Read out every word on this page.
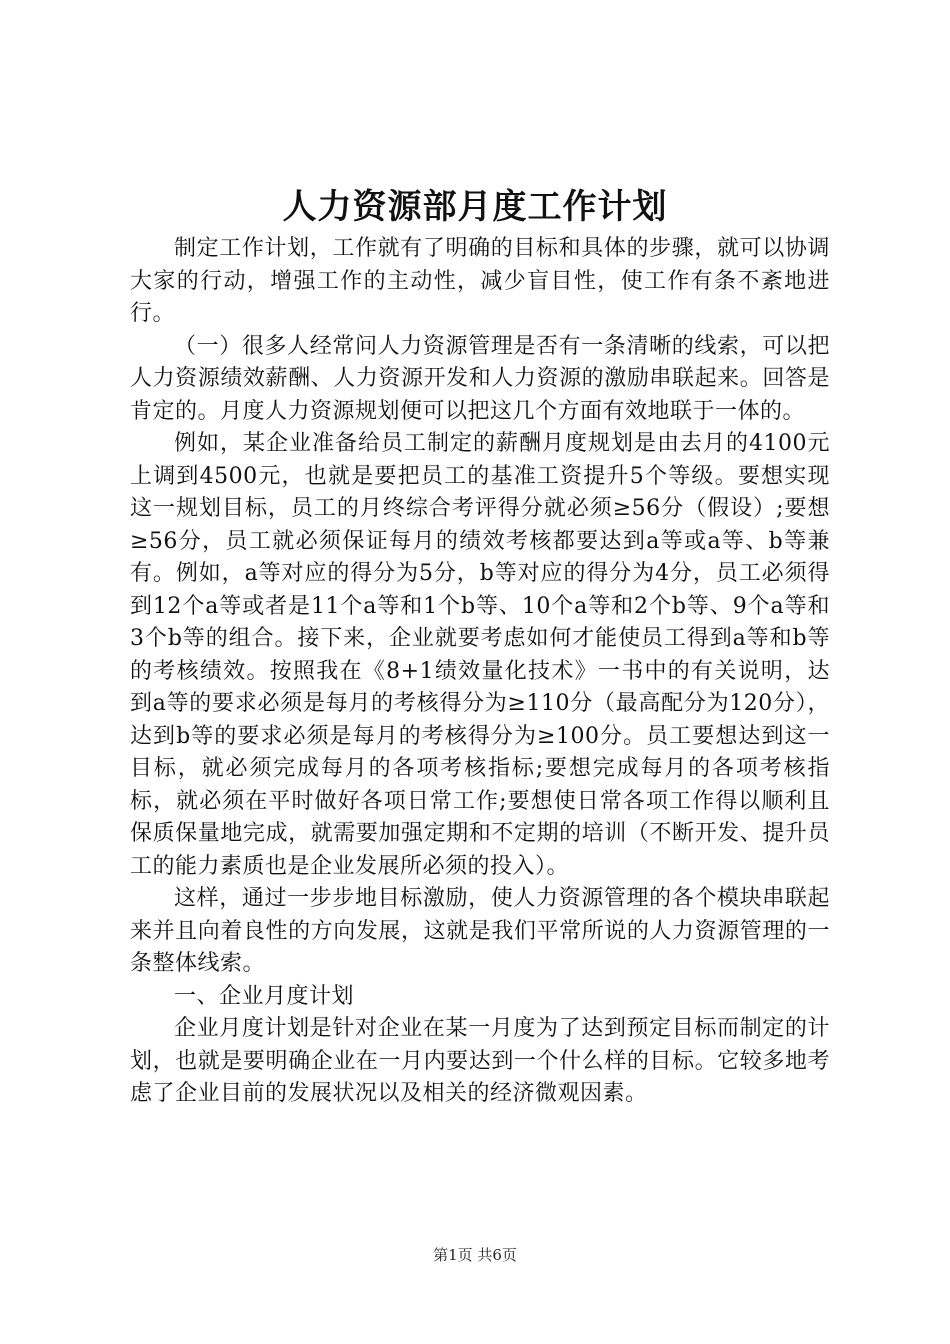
人力资源部月度工作计划

制定工作计划，工作就有了明确的目标和具体的步骤，就可以协调大家的行动，增强工作的主动性，减少盲目性，使工作有条不紊地进行。

（一）很多人经常问人力资源管理是否有一条清晰的线索，可以把人力资源绩效薪酬、人力资源开发和人力资源的激励串联起来。回答是肯定的。月度人力资源规划便可以把这几个方面有效地联于一体的。

例如，某企业准备给员工制定的薪酬月度规划是由去月的4100元上调到4500元，也就是要把员工的基准工资提升5个等级。要想实现这一规划目标，员工的月终综合考评得分就必须≥56分（假设）;要想≥56分，员工就必须保证每月的绩效考核都要达到a等或a等、b等兼有。例如，a等对应的得分为5分，b等对应的得分为4分，员工必须得到12个a等或者是11个a等和1个b等、10个a等和2个b等、9个a等和3个b等的组合。接下来，企业就要考虑如何才能使员工得到a等和b等的考核绩效。按照我在《8+1绩效量化技术》一书中的有关说明，达到a等的要求必须是每月的考核得分为≥110分（最高配分为120分），达到b等的要求必须是每月的考核得分为≥100分。员工要想达到这一目标，就必须完成每月的各项考核指标;要想完成每月的各项考核指标，就必须在平时做好各项日常工作;要想使日常各项工作得以顺利且保质保量地完成，就需要加强定期和不定期的培训（不断开发、提升员工的能力素质也是企业发展所必须的投入）。

这样，通过一步步地目标激励，使人力资源管理的各个模块串联起来并且向着良性的方向发展，这就是我们平常所说的人力资源管理的一条整体线索。

一、企业月度计划

企业月度计划是针对企业在某一月度为了达到预定目标而制定的计划，也就是要明确企业在一月内要达到一个什么样的目标。它较多地考虑了企业目前的发展状况以及相关的经济微观因素。

第1页 共6页
